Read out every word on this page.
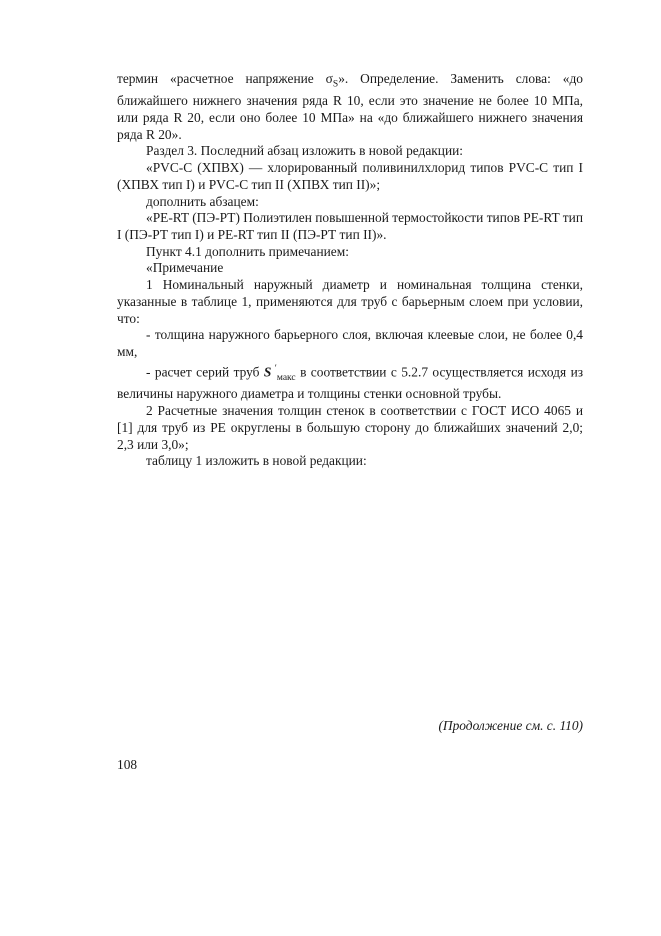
термин «расчетное напряжение $\sigma_S$». Определение. Заменить слова: «до ближайшего нижнего значения ряда R 10, если это значение не более 10 МПа, или ряда R 20, если оно более 10 МПа» на «до ближайшего нижнего значения ряда R 20».

Раздел 3. Последний абзац изложить в новой редакции:

«PVC-C (ХПВХ) — хлорированный поливинилхлорид типов PVC-C тип I (ХПВХ тип I) и PVC-C тип II (ХПВХ тип II)»;

дополнить абзацем:

«PE-RT (ПЭ-РТ) Полиэтилен повышенной термостойкости типов PE-RT тип I (ПЭ-РТ тип I) и PE-RT тип II (ПЭ-РТ тип II)».

Пункт 4.1 дополнить примечанием:

«Примечание

1 Номинальный наружный диаметр и номинальная толщина стенки, указанные в таблице 1, применяются для труб с барьерным слоем при условии, что:

- толщина наружного барьерного слоя, включая клеевые слои, не более 0,4 мм,

- расчет серий труб S ′$_{макс}$ в соответствии с 5.2.7 осуществляется исходя из величины наружного диаметра и толщины стенки основной трубы.

2 Расчетные значения толщин стенок в соответствии с ГОСТ ИСО 4065 и [1] для труб из PE округлены в большую сторону до ближайших значений 2,0; 2,3 или 3,0»;

таблицу 1 изложить в новой редакции:

(Продолжение см. с. 110)
108
